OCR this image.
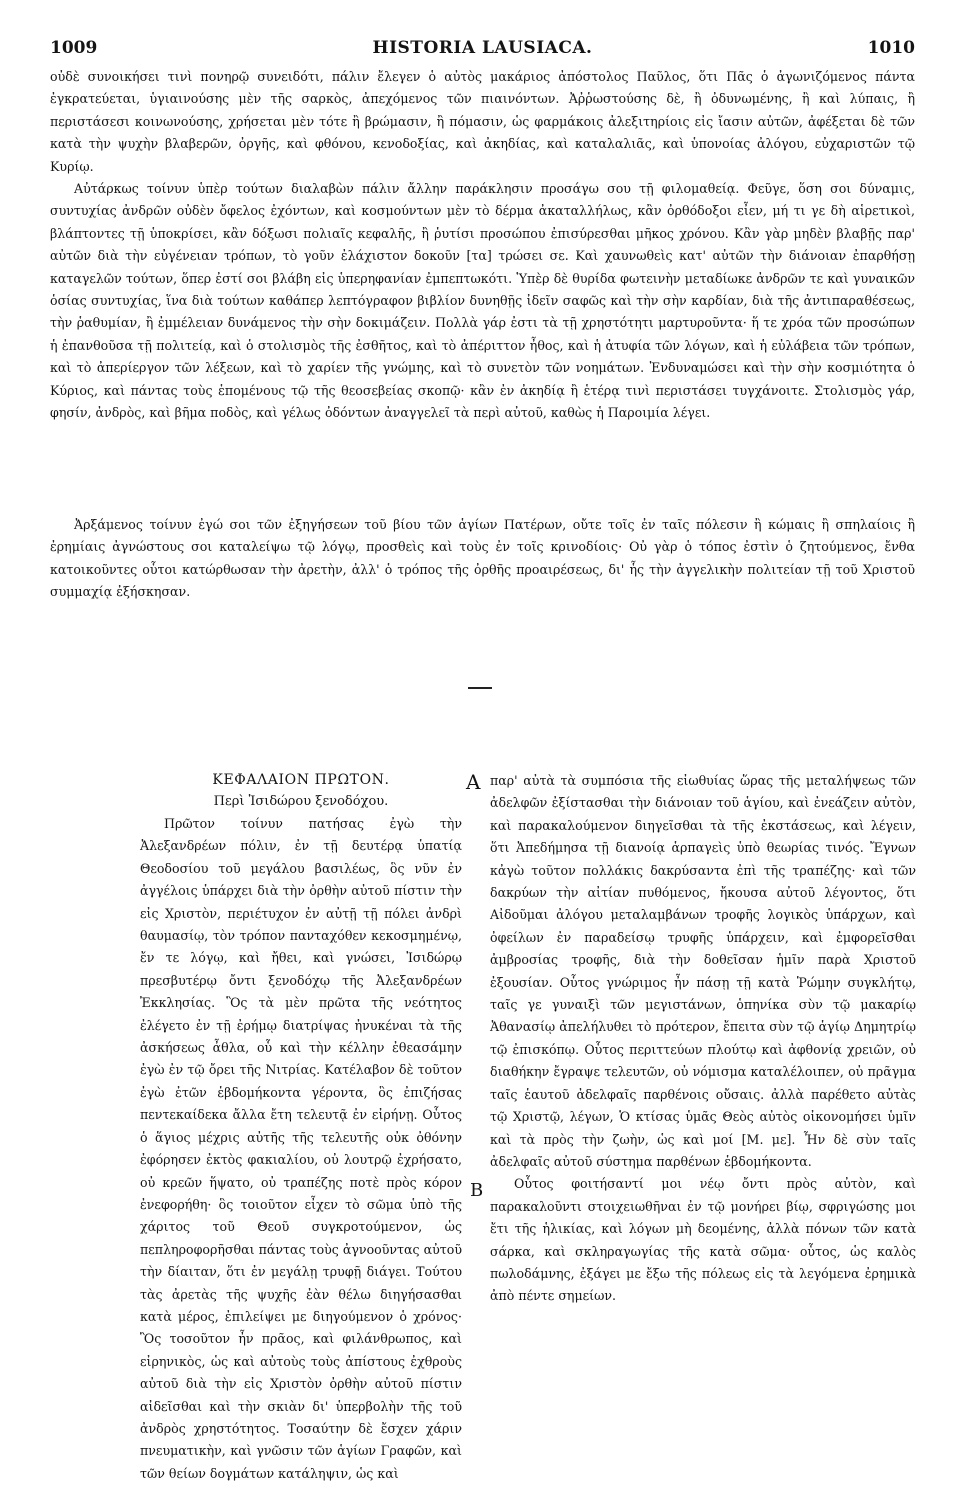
1009	HISTORIA LAUSIACA.	1010

οὐδὲ συνοικήσει τινὶ πονηρῷ συνειδότι, πάλιν ἔλεγεν ὁ αὐτὸς μακάριος ἀπόστολος Παῦλος, ὅτι Πᾶς ὁ ἀγωνιζόμενος πάντα ἐγκρατεύεται, ὑγιαινούσης μὲν τῆς σαρκὸς, ἀπεχόμενος τῶν πιαινόντων. Ἀῤῥωστούσης δὲ, ἢ ὀδυνωμένης, ἢ καὶ λύπαις, ἢ περιστάσεσι κοινωνούσης, χρήσεται μὲν τότε ἢ βρώμασιν, ἢ πόμασιν, ὡς φαρμάκοις ἀλεξιτηρίοις εἰς ἴασιν αὐτῶν, ἀφέξεται δὲ τῶν κατὰ τὴν ψυχὴν βλαβερῶν, ὀργῆς, καὶ φθόνου, κενοδοξίας, καὶ ἀκηδίας, καὶ καταλαλιᾶς, καὶ ὑπονοίας ἀλόγου, εὐχαριστῶν τῷ Κυρίῳ.

Αὐτάρκως τοίνυν ὑπὲρ τούτων διαλαβὼν πάλιν ἄλλην παράκλησιν προσάγω σου τῇ φιλομαθείᾳ. Φεῦγε, ὅση σοι δύναμις, συντυχίας ἀνδρῶν οὐδὲν ὄφελος ἐχόντων, καὶ κοσμούντων μὲν τὸ δέρμα ἀκαταλλήλως, κἂν ὀρθόδοξοι εἶεν, μή τι γε δὴ αἱρετικοὶ, βλάπτοντες τῇ ὑποκρίσει, κἂν δόξωσι πολιαῖς κεφαλῆς, ἢ ῥυτίσι προσώπου ἐπισύρεσθαι μῆκος χρόνου. Κἂν γὰρ μηδὲν βλαβῇς παρ' αὐτῶν διὰ τὴν εὐγένειαν τρόπων, τὸ γοῦν ἐλάχιστον δοκοῦν [τα] τρώσει σε. Καὶ χαυνωθεὶς κατ' αὐτῶν τὴν διάνοιαν ἐπαρθήσῃ καταγελῶν τούτων, ὅπερ ἐστί σοι βλάβη εἰς ὑπερηφανίαν ἐμπεπτωκότι. Ὑπὲρ δὲ θυρίδα φωτεινὴν μεταδίωκε ἀνδρῶν τε καὶ γυναικῶν ὁσίας συντυχίας, ἵνα διὰ τούτων καθάπερ λεπτόγραφον βιβλίον δυνηθῇς ἰδεῖν σαφῶς καὶ τὴν σὴν καρδίαν, διὰ τῆς ἀντιπαραθέσεως, τὴν ῥαθυμίαν, ἢ ἐμμέλειαν δυνάμενος τὴν σὴν δοκιμάζειν. Πολλὰ γάρ ἐστι τὰ τῇ χρηστότητι μαρτυροῦντα· ἥ τε χρόα τῶν προσώπων ἡ ἐπανθοῦσα τῇ πολιτείᾳ, καὶ ὁ στολισμὸς τῆς ἐσθῆτος, καὶ τὸ ἀπέριττον ἦθος, καὶ ἡ ἀτυφία τῶν λόγων, καὶ ἡ εὐλάβεια τῶν τρόπων, καὶ τὸ ἀπερίεργον τῶν λέξεων, καὶ τὸ χαρίεν τῆς γνώμης, καὶ τὸ συνετὸν τῶν νοημάτων. Ἐνδυναμώσει καὶ τὴν σὴν κοσμιότητα ὁ Κύριος, καὶ πάντας τοὺς ἑπομένους τῷ τῆς θεοσεβείας σκοπῷ· κἂν ἐν ἀκηδίᾳ ἢ ἑτέρᾳ τινὶ περιστάσει τυγχάνοιτε. Στολισμὸς γάρ, φησίν, ἀνδρὸς, καὶ βῆμα ποδὸς, καὶ γέλως ὀδόντων ἀναγγελεῖ τὰ περὶ αὐτοῦ, καθὼς ἡ Παροιμία λέγει.

Ἀρξάμενος τοίνυν ἐγώ σοι τῶν ἐξηγήσεων τοῦ βίου τῶν ἁγίων Πατέρων, οὔτε τοῖς ἐν ταῖς πόλεσιν ἢ κώμαις ἢ σπηλαίοις ἢ ἐρημίαις ἀγνώστους σοι καταλείψω τῷ λόγῳ, προσθεὶς καὶ τοὺς ἐν τοῖς κρινοδίοις· Οὐ γὰρ ὁ τόπος ἐστὶν ὁ ζητούμενος, ἔνθα κατοικοῦντες οὗτοι κατώρθωσαν τὴν ἀρετὴν, ἀλλ' ὁ τρόπος τῆς ὀρθῆς προαιρέσεως, δι' ἧς τὴν ἀγγελικὴν πολιτείαν τῇ τοῦ Χριστοῦ συμμαχίᾳ ἐξήσκησαν.

ΚΕΦΑΛΑΙΟΝ ΠΡΩΤΟΝ.

Περὶ Ἰσιδώρου ξενοδόχου.

Πρῶτον τοίνυν πατήσας ἐγὼ τὴν Ἀλεξανδρέων πόλιν, ἐν τῇ δευτέρᾳ ὑπατίᾳ Θεοδοσίου τοῦ μεγάλου βασιλέως, ὃς νῦν ἐν ἀγγέλοις ὑπάρχει διὰ τὴν ὀρθὴν αὐτοῦ πίστιν τὴν εἰς Χριστὸν, περιέτυχον ἐν αὐτῇ τῇ πόλει ἀνδρὶ θαυμασίῳ, τὸν τρόπον πανταχόθεν κεκοσμημένῳ, ἔν τε λόγῳ, καὶ ἤθει, καὶ γνώσει, Ἰσιδώρῳ πρεσβυτέρῳ ὄντι ξενοδόχῳ τῆς Ἀλεξανδρέων Ἐκκλησίας. Ὃς τὰ μὲν πρῶτα τῆς νεότητος ἐλέγετο ἐν τῇ ἐρήμῳ διατρίψας ἠνυκέναι τὰ τῆς ἀσκήσεως ἆθλα, οὗ καὶ τὴν κέλλην ἐθεασάμην ἐγὼ ἐν τῷ ὄρει τῆς Νιτρίας. Κατέλαβον δὲ τοῦτον ἐγὼ ἐτῶν ἑβδομήκοντα γέροντα, ὃς ἐπιζήσας πεντεκαίδεκα ἄλλα ἔτη τελευτᾷ ἐν εἰρήνῃ. Οὗτος ὁ ἅγιος μέχρις αὐτῆς τῆς τελευτῆς οὐκ ὀθόνην ἐφόρησεν ἐκτὸς φακιαλίου, οὐ λουτρῷ ἐχρήσατο, οὐ κρεῶν ἥψατο, οὐ τραπέζης ποτὲ πρὸς κόρον ἐνεφορήθη· ὃς τοιοῦτον εἶχεν τὸ σῶμα ὑπὸ τῆς χάριτος τοῦ Θεοῦ συγκροτούμενον, ὡς πεπληροφορῆσθαι πάντας τοὺς ἀγνοοῦντας αὐτοῦ τὴν δίαιταν, ὅτι ἐν μεγάλῃ τρυφῇ διάγει. Τούτου τὰς ἀρετὰς τῆς ψυχῆς ἐὰν θέλω διηγήσασθαι κατὰ μέρος, ἐπιλείψει με διηγούμενον ὁ χρόνος· Ὃς τοσοῦτον ἦν πρᾶος, καὶ φιλάνθρωπος, καὶ εἰρηνικὸς, ὡς καὶ αὐτοὺς τοὺς ἀπίστους ἐχθροὺς αὐτοῦ διὰ τὴν εἰς Χριστὸν ὀρθὴν αὐτοῦ πίστιν αἰδεῖσθαι καὶ τὴν σκιὰν δι' ὑπερβολὴν τῆς τοῦ ἀνδρὸς χρηστότητος. Τοσαύτην δὲ ἔσχεν χάριν πνευματικὴν, καὶ γνῶσιν τῶν ἁγίων Γραφῶν, καὶ τῶν θείων δογμάτων κατάληψιν, ὡς καὶ

A
B

παρ' αὐτὰ τὰ συμπόσια τῆς εἰωθυίας ὥρας τῆς μεταλήψεως τῶν ἀδελφῶν ἐξίστασθαι τὴν διάνοιαν τοῦ ἁγίου, καὶ ἐνεάζειν αὐτὸν, καὶ παρακαλούμενον διηγεῖσθαι τὰ τῆς ἐκστάσεως, καὶ λέγειν, ὅτι Ἀπεδήμησα τῇ διανοίᾳ ἁρπαγεὶς ὑπὸ θεωρίας τινός. Ἔγνων κἀγὼ τοῦτον πολλάκις δακρύσαντα ἐπὶ τῆς τραπέζης· καὶ τῶν δακρύων τὴν αἰτίαν πυθόμενος, ἤκουσα αὐτοῦ λέγοντος, ὅτι Αἰδοῦμαι ἀλόγου μεταλαμβάνων τροφῆς λογικὸς ὑπάρχων, καὶ ὀφείλων ἐν παραδείσῳ τρυφῆς ὑπάρχειν, καὶ ἐμφορεῖσθαι ἀμβροσίας τροφῆς, διὰ τὴν δοθεῖσαν ἡμῖν παρὰ Χριστοῦ ἐξουσίαν. Οὗτος γνώριμος ἦν πάσῃ τῇ κατὰ Ῥώμην συγκλήτῳ, ταῖς γε γυναιξὶ τῶν μεγιστάνων, ὁπηνίκα σὺν τῷ μακαρίῳ Ἀθανασίῳ ἀπελήλυθει τὸ πρότερον, ἔπειτα σὺν τῷ ἁγίῳ Δημητρίῳ τῷ ἐπισκόπῳ. Οὗτος περιττεύων πλούτῳ καὶ ἀφθονίᾳ χρειῶν, οὐ διαθήκην ἔγραψε τελευτῶν, οὐ νόμισμα καταλέλοιπεν, οὐ πρᾶγμα ταῖς ἑαυτοῦ ἀδελφαῖς παρθένοις οὔσαις. ἀλλὰ παρέθετο αὐτὰς τῷ Χριστῷ, λέγων, Ὁ κτίσας ὑμᾶς Θεὸς αὐτὸς οἰκονομήσει ὑμῖν καὶ τὰ πρὸς τὴν ζωὴν, ὡς καὶ μοί [Μ. με]. Ἦν δὲ σὺν ταῖς ἀδελφαῖς αὐτοῦ σύστημα παρθένων ἑβδομήκοντα.

Οὗτος φοιτήσαντί μοι νέῳ ὄντι πρὸς αὐτὸν, καὶ παρακαλοῦντι στοιχειωθῆναι ἐν τῷ μονήρει βίῳ, σφριγώσης μοι ἔτι τῆς ἡλικίας, καὶ λόγων μὴ δεομένης, ἀλλὰ πόνων τῶν κατὰ σάρκα, καὶ σκληραγωγίας τῆς κατὰ σῶμα· οὗτος, ὡς καλὸς πωλοδάμνης, ἐξάγει με ἔξω τῆς πόλεως εἰς τὰ λεγόμενα ἐρημικὰ ἀπὸ πέντε σημείων.
